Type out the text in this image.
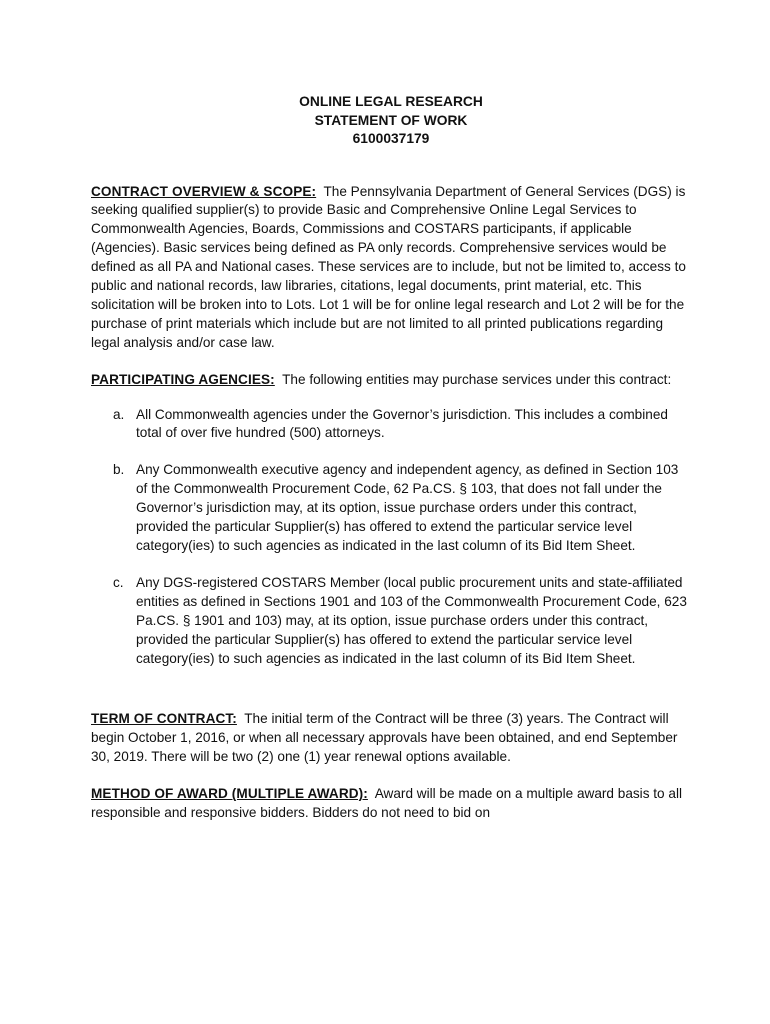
ONLINE LEGAL RESEARCH
STATEMENT OF WORK
6100037179

CONTRACT OVERVIEW & SCOPE: The Pennsylvania Department of General Services (DGS) is seeking qualified supplier(s) to provide Basic and Comprehensive Online Legal Services to Commonwealth Agencies, Boards, Commissions and COSTARS participants, if applicable (Agencies). Basic services being defined as PA only records. Comprehensive services would be defined as all PA and National cases. These services are to include, but not be limited to, access to public and national records, law libraries, citations, legal documents, print material, etc. This solicitation will be broken into to Lots. Lot 1 will be for online legal research and Lot 2 will be for the purchase of print materials which include but are not limited to all printed publications regarding legal analysis and/or case law.

PARTICIPATING AGENCIES: The following entities may purchase services under this contract:

a. All Commonwealth agencies under the Governor’s jurisdiction. This includes a combined total of over five hundred (500) attorneys.
b. Any Commonwealth executive agency and independent agency, as defined in Section 103 of the Commonwealth Procurement Code, 62 Pa.CS. § 103, that does not fall under the Governor’s jurisdiction may, at its option, issue purchase orders under this contract, provided the particular Supplier(s) has offered to extend the particular service level category(ies) to such agencies as indicated in the last column of its Bid Item Sheet.
c. Any DGS-registered COSTARS Member (local public procurement units and state-affiliated entities as defined in Sections 1901 and 103 of the Commonwealth Procurement Code, 623 Pa.CS. § 1901 and 103) may, at its option, issue purchase orders under this contract, provided the particular Supplier(s) has offered to extend the particular service level category(ies) to such agencies as indicated in the last column of its Bid Item Sheet.

TERM OF CONTRACT: The initial term of the Contract will be three (3) years. The Contract will begin October 1, 2016, or when all necessary approvals have been obtained, and end September 30, 2019. There will be two (2) one (1) year renewal options available.

METHOD OF AWARD (MULTIPLE AWARD): Award will be made on a multiple award basis to all responsible and responsive bidders. Bidders do not need to bid on
